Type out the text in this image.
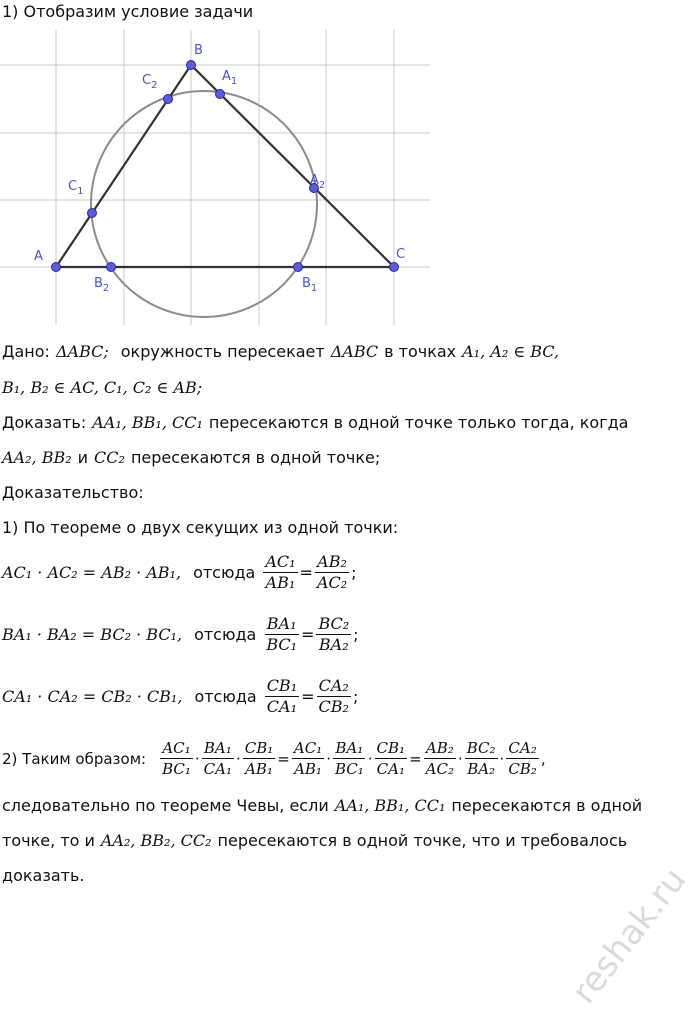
1) Отобразим условие задачи
A
B
C
$C_2$
$A_1$
$A_2$
$C_1$
$B_2$	$B_1$
Дано: ΔABC; окружность пересекает ΔABC в точках A₁, A₂ ∈ BC,
B₁, B₂ ∈ AC, C₁, C₂ ∈ AB;
Доказать: AA₁, BB₁, CC₁ пересекаются в одной точке только тогда, когда
AA₂, BB₂ и CC₂ пересекаются в одной точке;
Доказательство:
1) По теореме о двух секущих из одной точки:
AC₁ · AC₂ = AB₂ · AB₁, отсюда $\frac{\text{AC₁}}{\text{AB₁}} = \frac{\text{AB₂}}{\text{AC₂}}$ ;
BA₁ · BA₂ = BC₂ · BC₁, отсюда $\frac{\text{BA₁}}{\text{BC₁}} = \frac{\text{BC₂}}{\text{BA₂}}$ ;
CA₁ · CA₂ = CB₂ · CB₁, отсюда $\frac{\text{CB₁}}{\text{CA₁}} = \frac{\text{CA₂}}{\text{CB₂}}$ ;
2) Таким образом: $\frac{\text{AC₁}}{\text{BC₁}} \cdot \frac{\text{BA₁}}{\text{CA₁}} \cdot \frac{\text{CB₁}}{\text{AB₁}} = \frac{\text{AC₁}}{\text{AB₁}} \cdot \frac{\text{BA₁}}{\text{BC₁}} \cdot \frac{\text{CB₁}}{\text{CA₁}} = \frac{\text{AB₂}}{\text{AC₂}} \cdot \frac{\text{BC₂}}{\text{BA₂}} \cdot \frac{\text{CA₂}}{\text{CB₂}}$ ,
следовательно по теореме Чевы, если AA₁, BB₁, CC₁ пересекаются в одной
точке, то и AA₂, BB₂, CC₂ пересекаются в одной точке, что и требовалось
доказать.	reshak.ru
